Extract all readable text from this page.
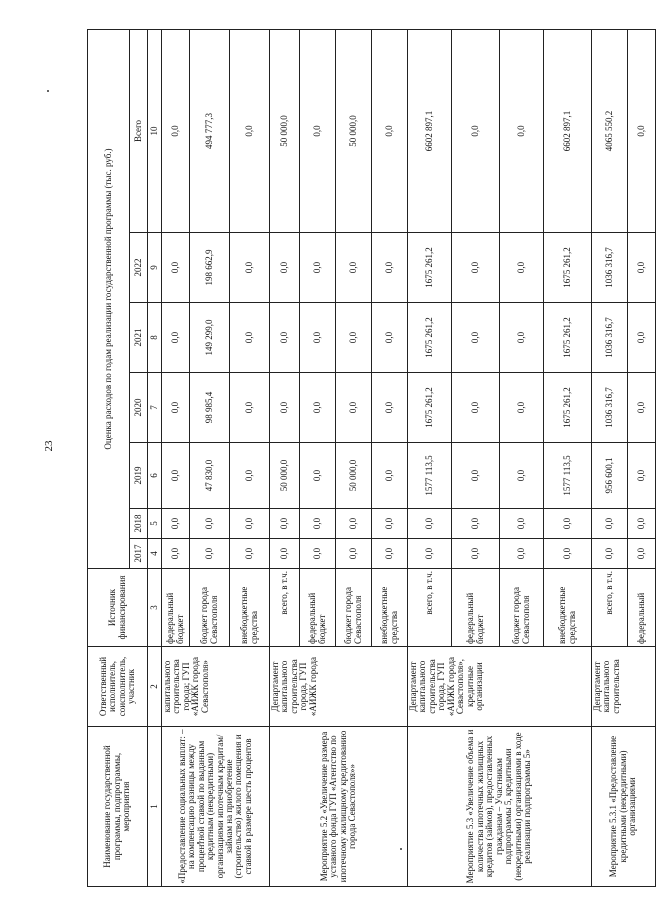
23
Наименование государственной программы, подпрограммы, мероприятия	Ответственный исполнитель, соисполнитель, участник	Источник финансирования	Оценка расходов по годам реализации государственной программы (тыс. руб.)						
			2017	2018	2019	2020	2021	2022	Всего
1	2	3	4	5	6	7	8	9	10
«Предоставление социальных выплат: – на компенсацию разницы между процентной ставкой по выданным кредитным (некредитными) организациями ипотечным кредитам/займам на приобретение (строительство) жилого помещения и ставкой в размере шесть процентов	капитального строительства города; ГУП «АИЖК города Севастополя»	федеральный бюджет	0,0	0,0	0,0	0,0	0,0	0,0	0,0
		бюджет города Севастополя	0,0	0,0	47 830,0	98 985,4	149 299,0	198 662,9	494 777,3
		внебюджетные средства	0,0	0,0	0,0	0,0	0,0	0,0	0,0
Мероприятие 5.2 «Увеличение размера уставного фонда ГУП «Агентство по ипотечному жилищному кредитованию города Севастополя»»	Департамент капитального строительства города, ГУП «АИЖК города	всего, в т.ч.	0,0	0,0	50 000,0	0,0	0,0	0,0	50 000,0
		федеральный бюджет	0,0	0,0	0,0	0,0	0,0	0,0	0,0
		бюджет города Севастополя	0,0	0,0	50 000,0	0,0	0,0	0,0	50 000,0
		внебюджетные средства	0,0	0,0	0,0	0,0	0,0	0,0	0,0
Мероприятие 5.3 «Увеличение объема и количества ипотечных жилищных кредитов (займов), предоставленных гражданам – Участникам подпрограммы 5, кредитными (некредитными) организациями в ходе реализации подпрограммы 5»	Департамент капитального строительства города, ГУП «АИЖК города Севастополя», кредитные организации	всего, в т.ч.	0,0	0,0	1577 113,5	1675 261,2	1675 261,2	1675 261,2	6602 897,1
		федеральный бюджет	0,0	0,0	0,0	0,0	0,0	0,0	0,0
		бюджет города Севастополя	0,0	0,0	0,0	0,0	0,0	0,0	0,0
		внебюджетные средства	0,0	0,0	1577 113,5	1675 261,2	1675 261,2	1675 261,2	6602 897,1
Мероприятие 5.3.1 «Предоставление кредитными (некредитными) организациями	Департамент капитального строительства	всего, в т.ч.	0,0	0,0	956 600,1	1036 316,7	1036 316,7	1036 316,7	4065 550,2
		федеральный	0,0	0,0	0,0	0,0	0,0	0,0	0,0
